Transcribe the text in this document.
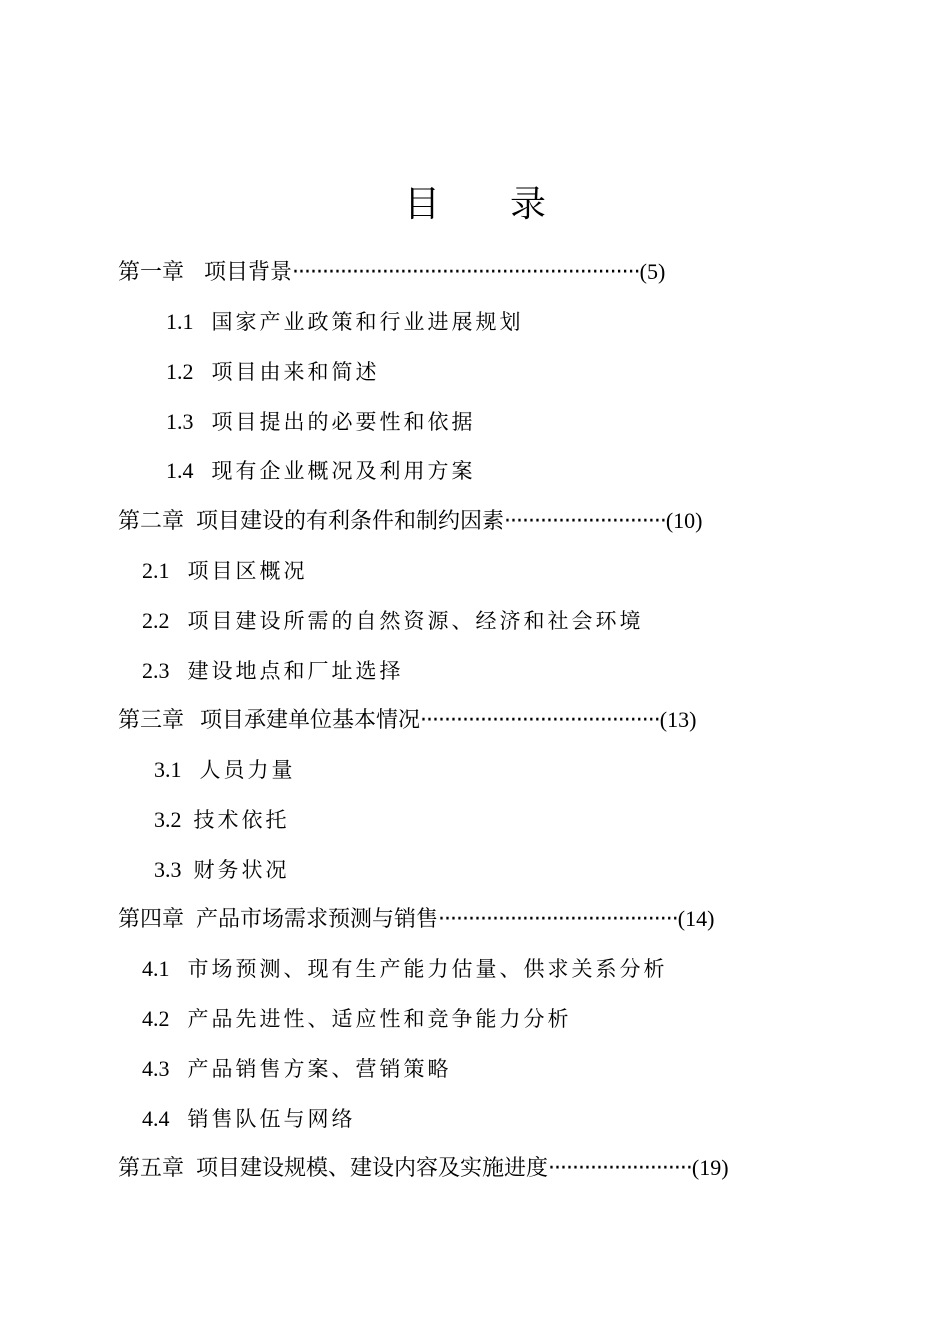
目 录
第一章 项目背景··························································(5)
1.1 国家产业政策和行业进展规划
1.2 项目由来和简述
1.3 项目提出的必要性和依据
1.4 现有企业概况及利用方案
第二章 项目建设的有利条件和制约因素···························(10)
2.1 项目区概况
2.2 项目建设所需的自然资源、经济和社会环境
2.3 建设地点和厂址选择
第三章 项目承建单位基本情况········································(13)
3.1 人员力量
3.2 技术依托
3.3 财务状况
第四章 产品市场需求预测与销售········································(14)
4.1 市场预测、现有生产能力估量、供求关系分析
4.2 产品先进性、适应性和竞争能力分析
4.3 产品销售方案、营销策略
4.4 销售队伍与网络
第五章 项目建设规模、建设内容及实施进度························(19)
